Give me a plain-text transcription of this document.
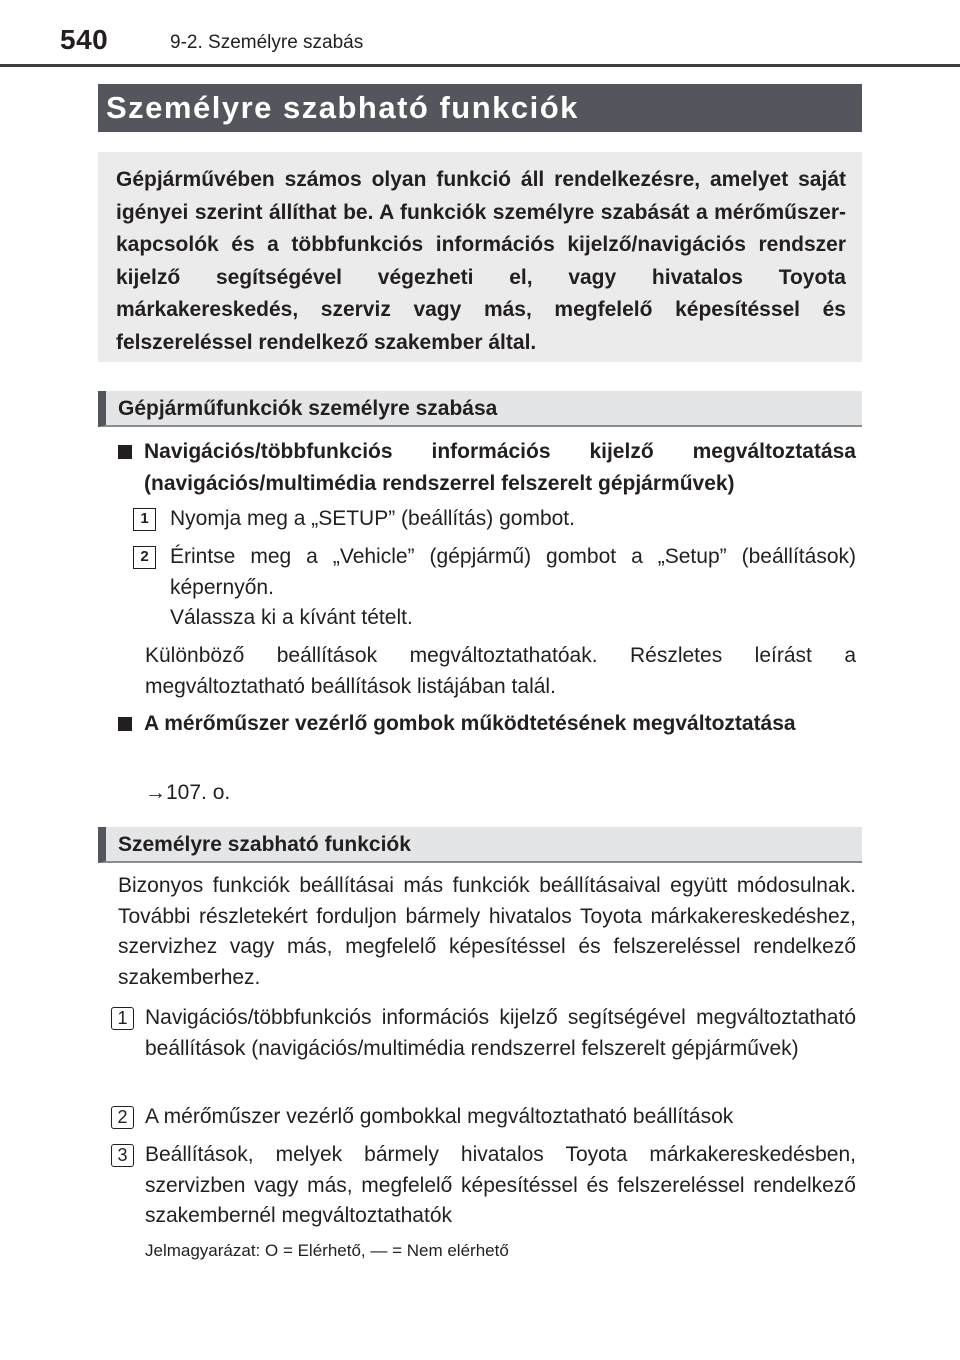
540	9-2. Személyre szabás
Személyre szabható funkciók
Gépjárművében számos olyan funkció áll rendelkezésre, amelyet saját igényei szerint állíthat be. A funkciók személyre szabását a mérőműszer-kapcsolók és a többfunkciós információs kijelző/navigációs rendszer kijelző segítségével végezheti el, vagy hivatalos Toyota márkakereskedés, szerviz vagy más, megfelelő képesítéssel és felszereléssel rendelkező szakember által.
Gépjárműfunkciók személyre szabása
Navigációs/többfunkciós információs kijelző megváltoztatása (navigációs/multimédia rendszerrel felszerelt gépjárművek)
1	Nyomja meg a „SETUP” (beállítás) gombot.
2	Érintse meg a „Vehicle” (gépjármű) gombot a „Setup” (beállítások) képernyőn.
Válassza ki a kívánt tételt.
Különböző beállítások megváltoztathatóak. Részletes leírást a megváltoztatható beállítások listájában talál.
A mérőműszer vezérlő gombok működtetésének megváltoztatása
→107. o.
Személyre szabható funkciók
Bizonyos funkciók beállításai más funkciók beállításaival együtt módosulnak. További részletekért forduljon bármely hivatalos Toyota márkakereskedéshez, szervizhez vagy más, megfelelő képesítéssel és felszereléssel rendelkező szakemberhez.
1 Navigációs/többfunkciós információs kijelző segítségével megváltoztatható beállítások (navigációs/multimédia rendszerrel felszerelt gépjárművek)
2 A mérőműszer vezérlő gombokkal megváltoztatható beállítások
3 Beállítások, melyek bármely hivatalos Toyota márkakereskedésben, szervizben vagy más, megfelelő képesítéssel és felszereléssel rendelkező szakembernél megváltoztathatók
Jelmagyarázat: O = Elérhető, — = Nem elérhető
